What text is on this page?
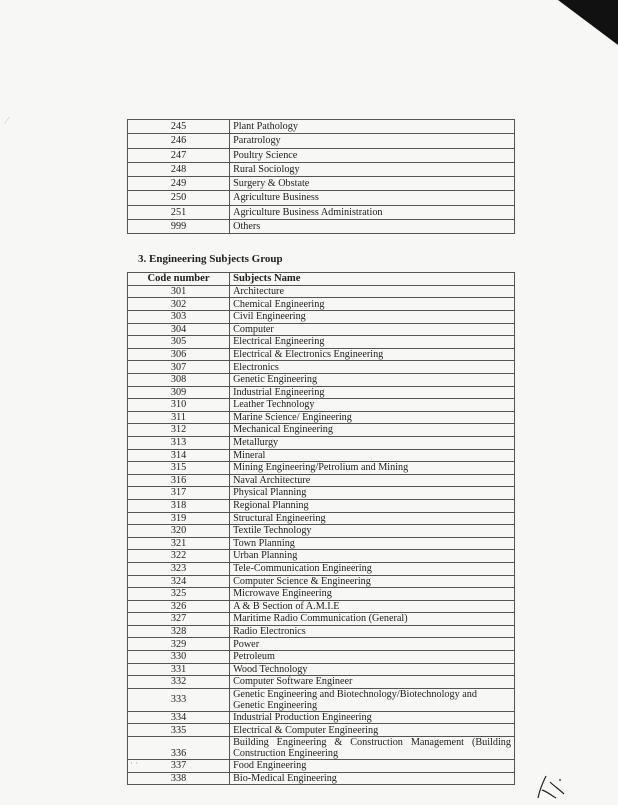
⁄	245	Plant Pathology
246	Paratrology
247	Poultry Science
248	Rural Sociology
249	Surgery & Obstate
250	Agriculture Business
251	Agriculture Business Administration
999	Others
3. Engineering Subjects Group
Code number	Subjects Name
301	Architecture
302	Chemical Engineering
303	Civil Engineering
304	Computer
305	Electrical Engineering
306	Electrical & Electronics Engineering
307	Electronics
308	Genetic Engineering
309	Industrial Engineering
310	Leather Technology
311	Marine Science/ Engineering
312	Mechanical Engineering
313	Metallurgy
314	Mineral
315	Mining Engineering/Petrolium and Mining
316	Naval Architecture
317	Physical Planning
318	Regional Planning
319	Structural Engineering
320	Textile Technology
321	Town Planning
322	Urban Planning
323	Tele-Communication Engineering
324	Computer Science & Engineering
325	Microwave Engineering
326	A & B Section of A.M.I.E
327	Maritime Radio Communication (General)
328	Radio Electronics
329	Power
330	Petroleum
331	Wood Technology
332	Computer Software Engineer
333	Genetic Engineering and Biotechnology/Biotechnology and Genetic Engineering
334	Industrial Production Engineering
335	Electrical & Computer Engineering
336	Building Engineering & Construction Management (Building Construction Engineering
337	Food Engineering
338	Bio-Medical Engineering
· ·
